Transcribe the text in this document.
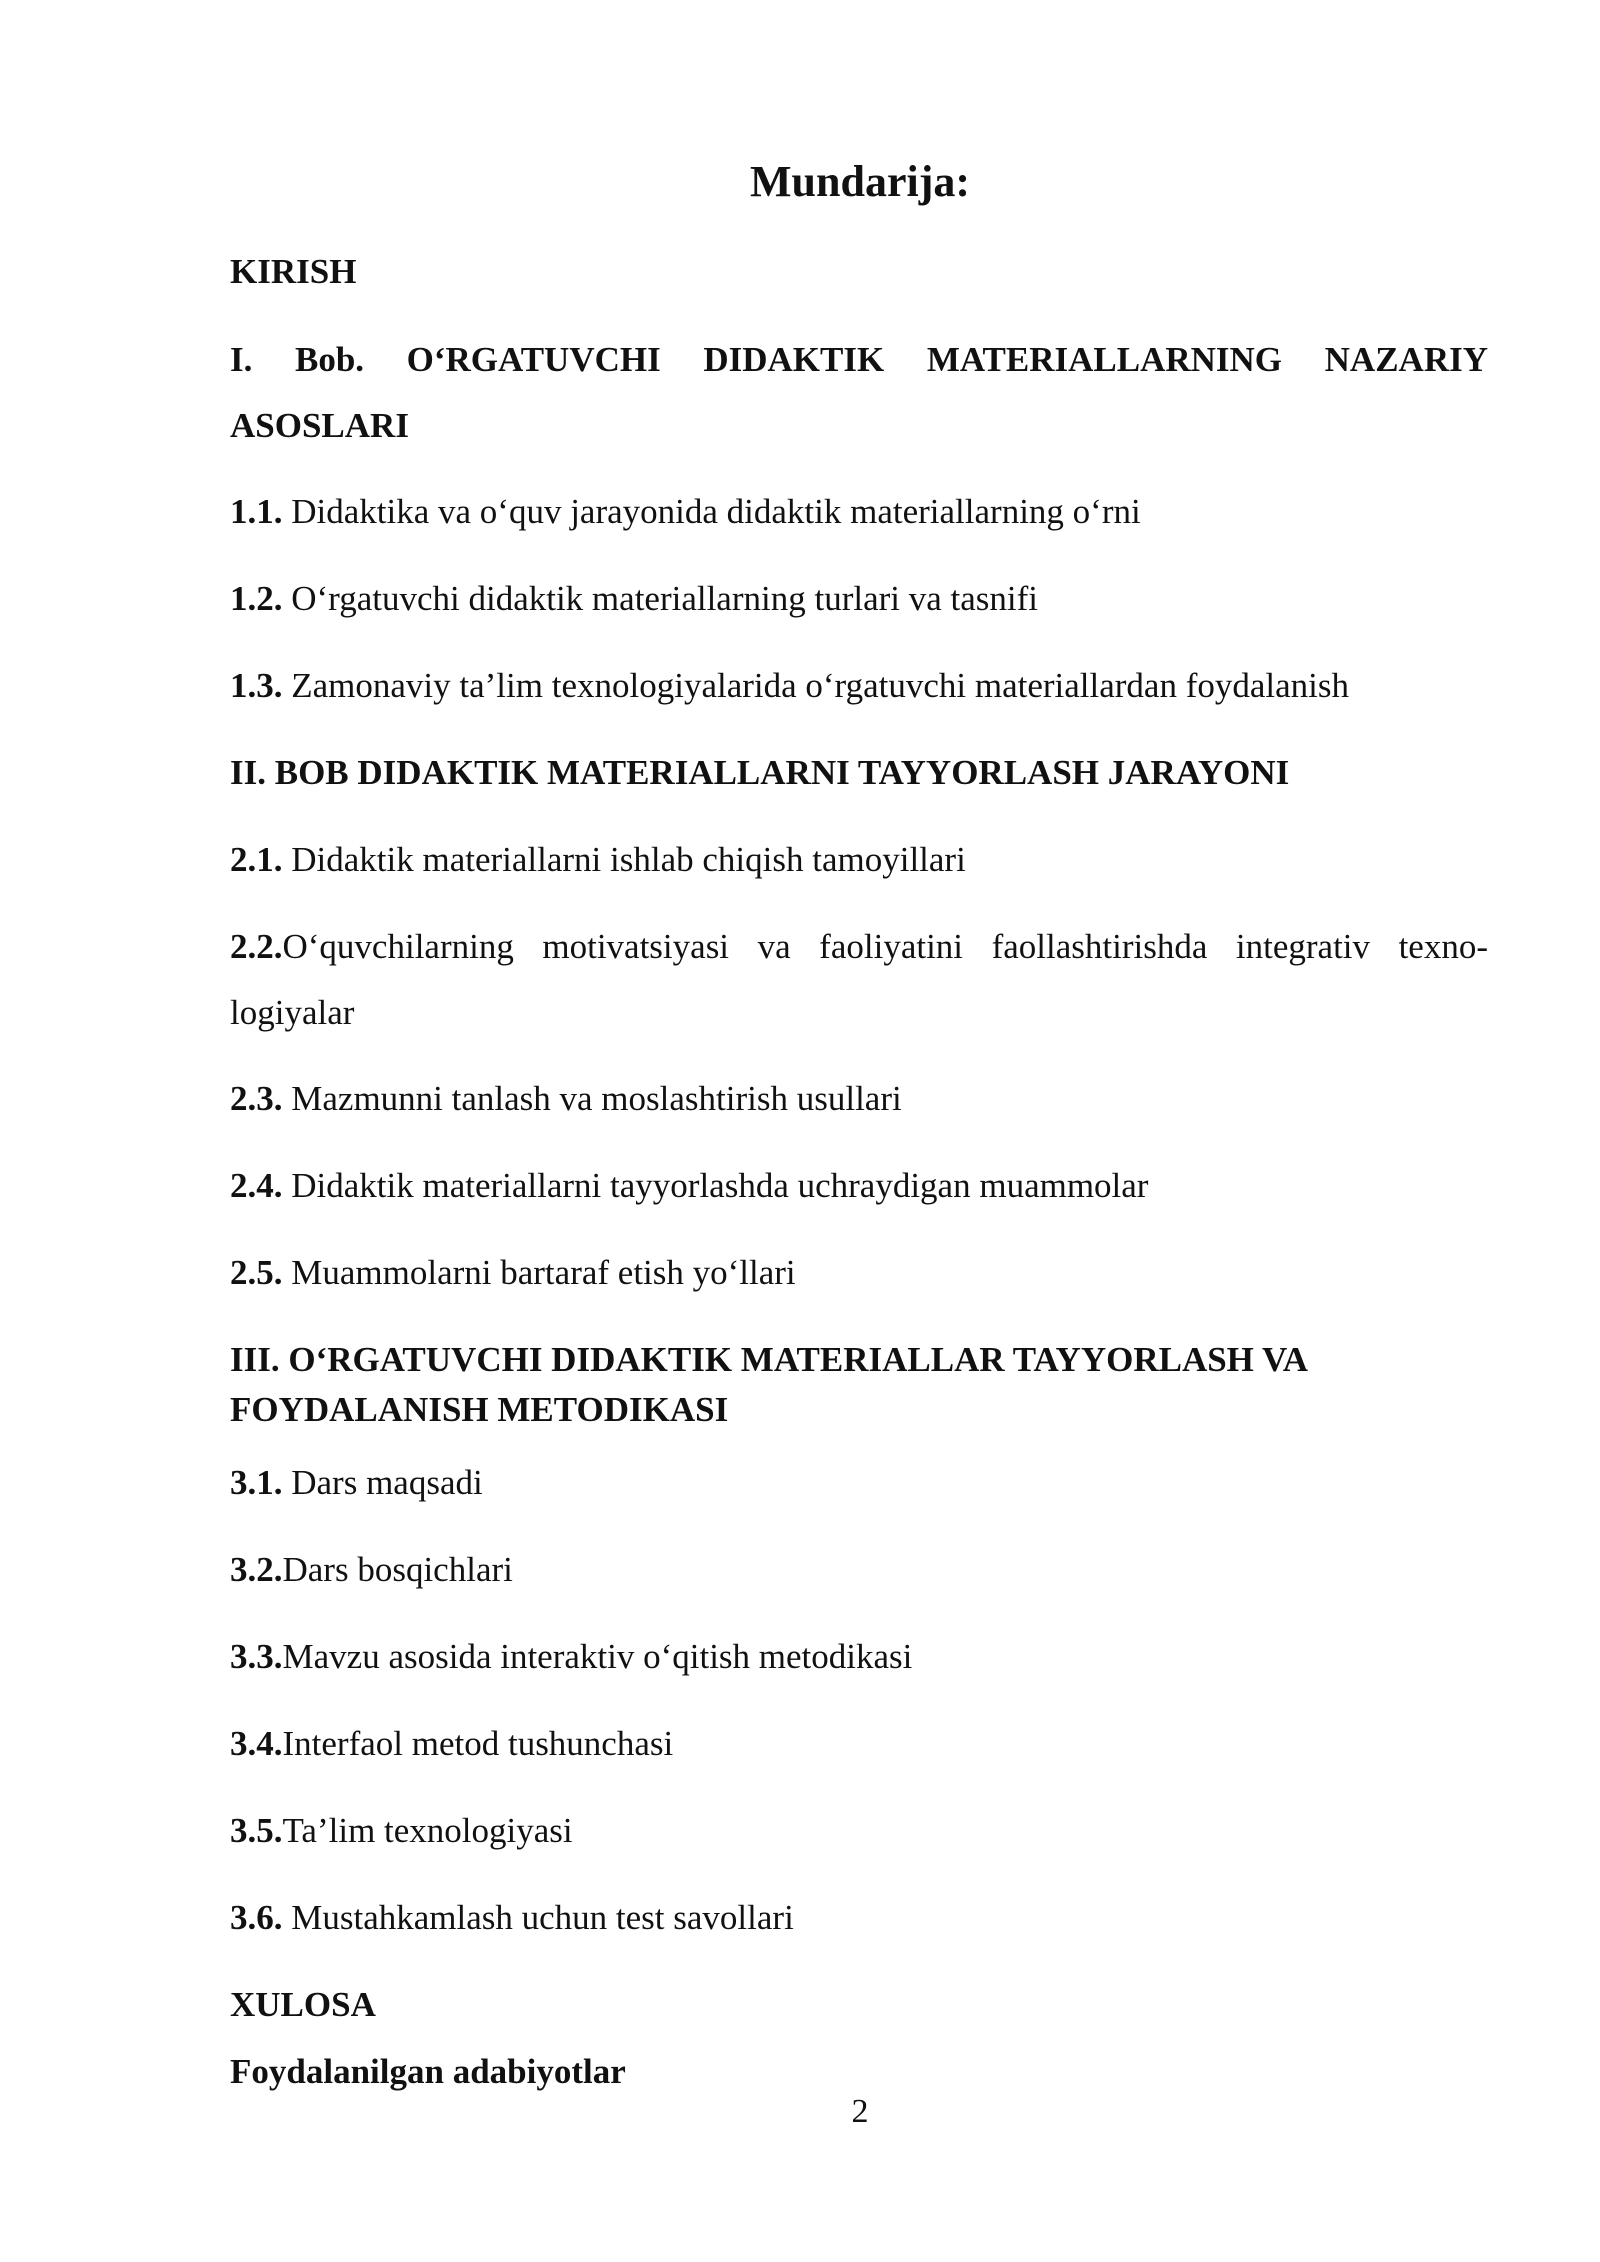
Mundarija:
KIRISH
I. Bob. O‘RGATUVCHI DIDAKTIK MATERIALLARNING NAZARIY
ASOSLARI
1.1. Didaktika va o‘quv jarayonida didaktik materiallarning o‘rni
1.2. O‘rgatuvchi didaktik materiallarning turlari va tasnifi
1.3. Zamonaviy ta’lim texnologiyalarida o‘rgatuvchi materiallardan foydalanish
II. BOB DIDAKTIK MATERIALLARNI TAYYORLASH JARAYONI
2.1. Didaktik materiallarni ishlab chiqish tamoyillari
2.2.O‘quvchilarning motivatsiyasi va faoliyatini faollashtirishda integrativ texno-
logiyalar
2.3. Mazmunni tanlash va moslashtirish usullari
2.4. Didaktik materiallarni tayyorlashda uchraydigan muammolar
2.5. Muammolarni bartaraf etish yo‘llari
III. O‘RGATUVCHI DIDAKTIK MATERIALLAR TAYYORLASH VA
FOYDALANISH METODIKASI
3.1. Dars maqsadi
3.2.Dars bosqichlari
3.3.Mavzu asosida interaktiv o‘qitish metodikasi
3.4.Interfaol metod tushunchasi
3.5.Ta’lim texnologiyasi
3.6. Mustahkamlash uchun test savollari
XULOSA
Foydalanilgan adabiyotlar
2
